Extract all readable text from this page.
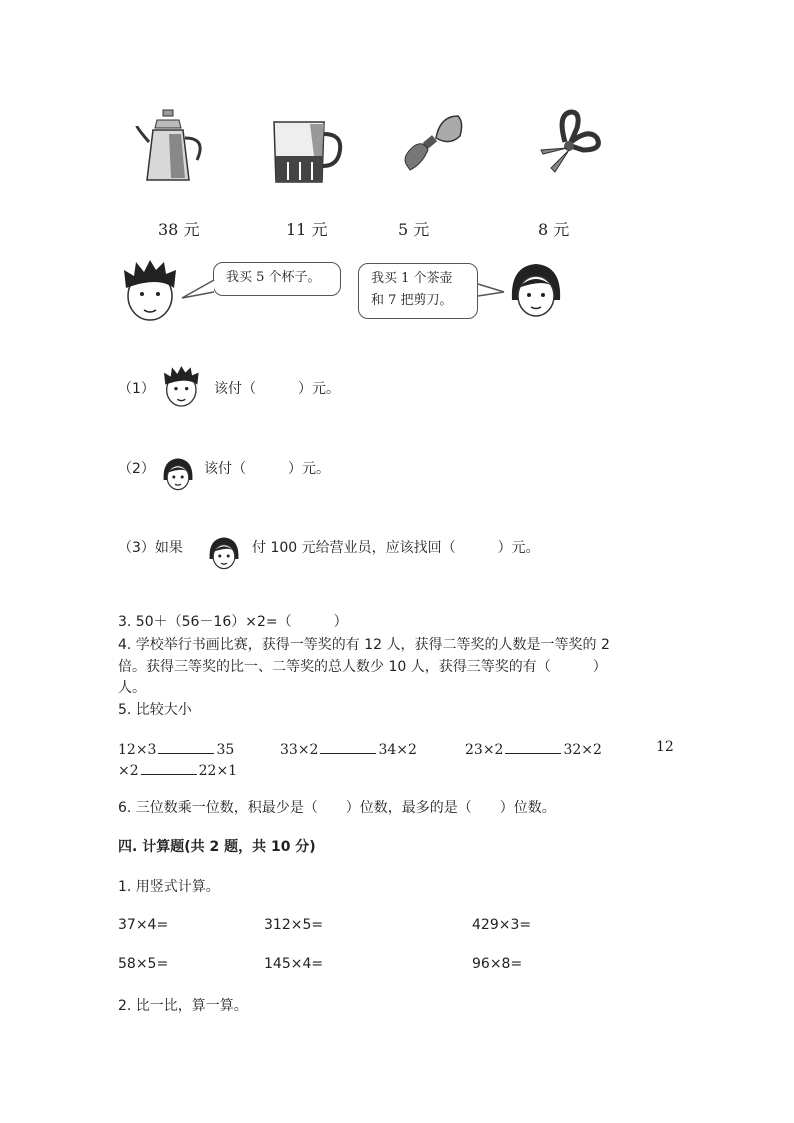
38 元	11 元	5 元	8 元
我买 5 个杯子。	我买 1 个茶壶
和 7 把剪刀。
（1）	该付（　　　）元。
（2）	该付（　　　）元。
（3）如果	付 100 元给营业员，应该找回（　　　）元。
3. 50＋（56－16）×2=（　　　）
4. 学校举行书画比赛，获得一等奖的有 12 人，获得二等奖的人数是一等奖的 2
倍。获得三等奖的比一、二等奖的总人数少 10 人，获得三等奖的有（　　　）
人。
5. 比较大小
12×3	35	33×2	34×2	23×2	32×2	12
×2	22×1
6. 三位数乘一位数，积最少是（　　）位数，最多的是（　　）位数。
四. 计算题(共 2 题，共 10 分)
1. 用竖式计算。
37×4=	312×5=	429×3=
58×5=	145×4=	96×8=
2. 比一比，算一算。
